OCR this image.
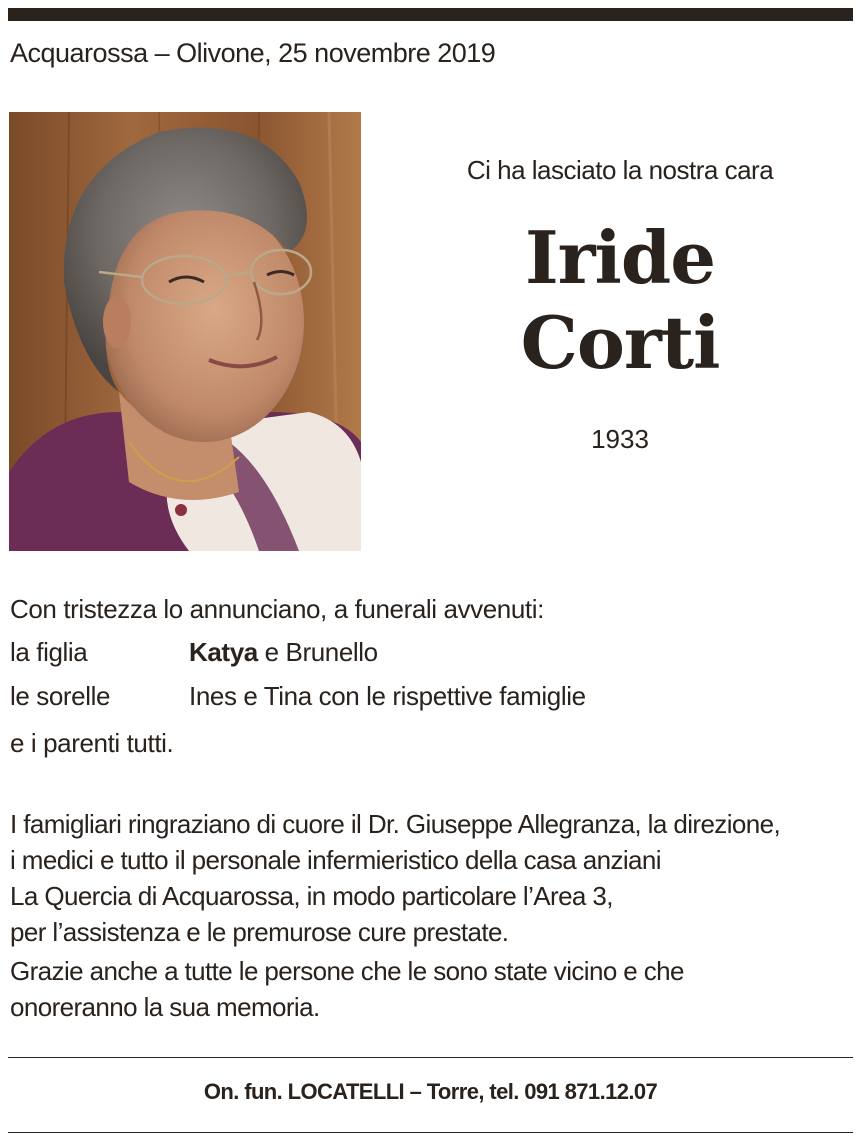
Acquarossa – Olivone, 25 novembre 2019
Ci ha lasciato la nostra cara
Iride
Corti
1933
Con tristezza lo annunciano, a funerali avvenuti:
la figlia	Katya e Brunello
le sorelle	Ines e Tina con le rispettive famiglie
e i parenti tutti.
I famigliari ringraziano di cuore il Dr. Giuseppe Allegranza, la direzione,
i medici e tutto il personale infermieristico della casa anziani
La Quercia di Acquarossa, in modo particolare l’Area 3,
per l’assistenza e le premurose cure prestate.
Grazie anche a tutte le persone che le sono state vicino e che
onoreranno la sua memoria.
On. fun. LOCATELLI – Torre, tel. 091 871.12.07
